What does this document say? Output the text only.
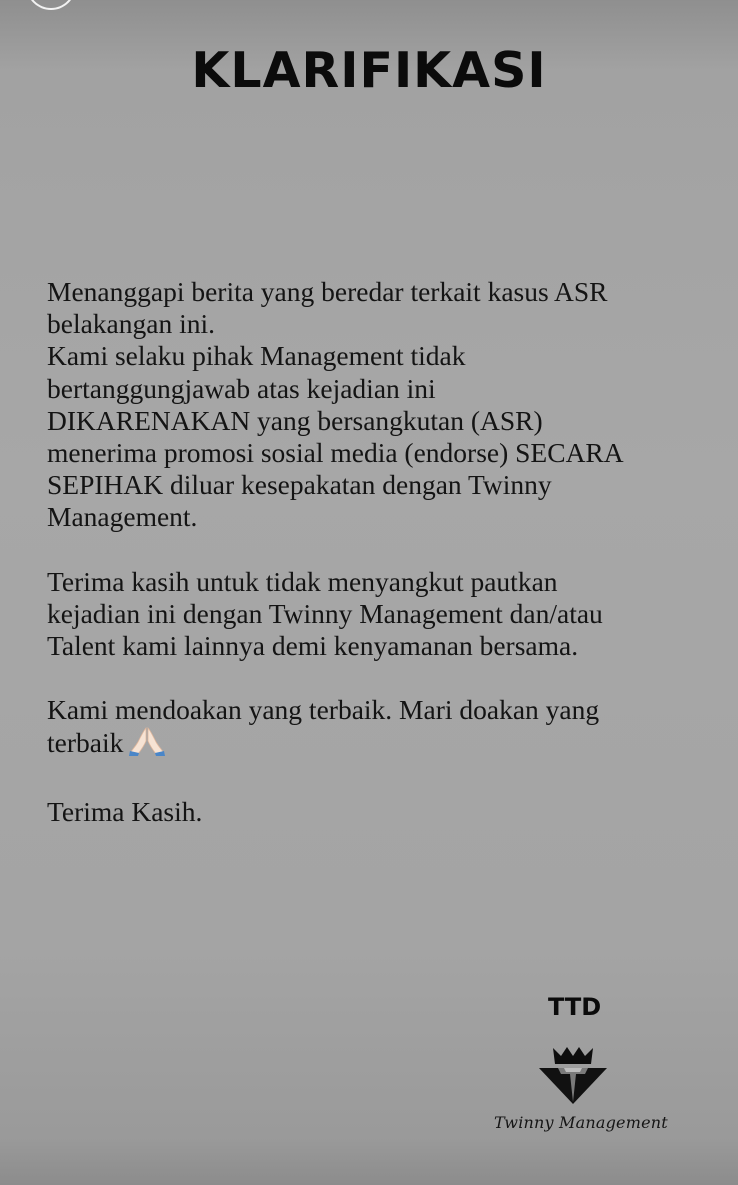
KLARIFIKASI

Menanggapi berita yang beredar terkait kasus ASR
belakangan ini.
Kami selaku pihak Management tidak
bertanggungjawab atas kejadian ini
DIKARENAKAN yang bersangkutan (ASR)
menerima promosi sosial media (endorse) SECARA
SEPIHAK diluar kesepakatan dengan Twinny
Management.

Terima kasih untuk tidak menyangkut pautkan
kejadian ini dengan Twinny Management dan/atau
Talent kami lainnya demi kenyamanan bersama.

Kami mendoakan yang terbaik. Mari doakan yang
terbaik

Terima Kasih.

TTD
Twinny Management
